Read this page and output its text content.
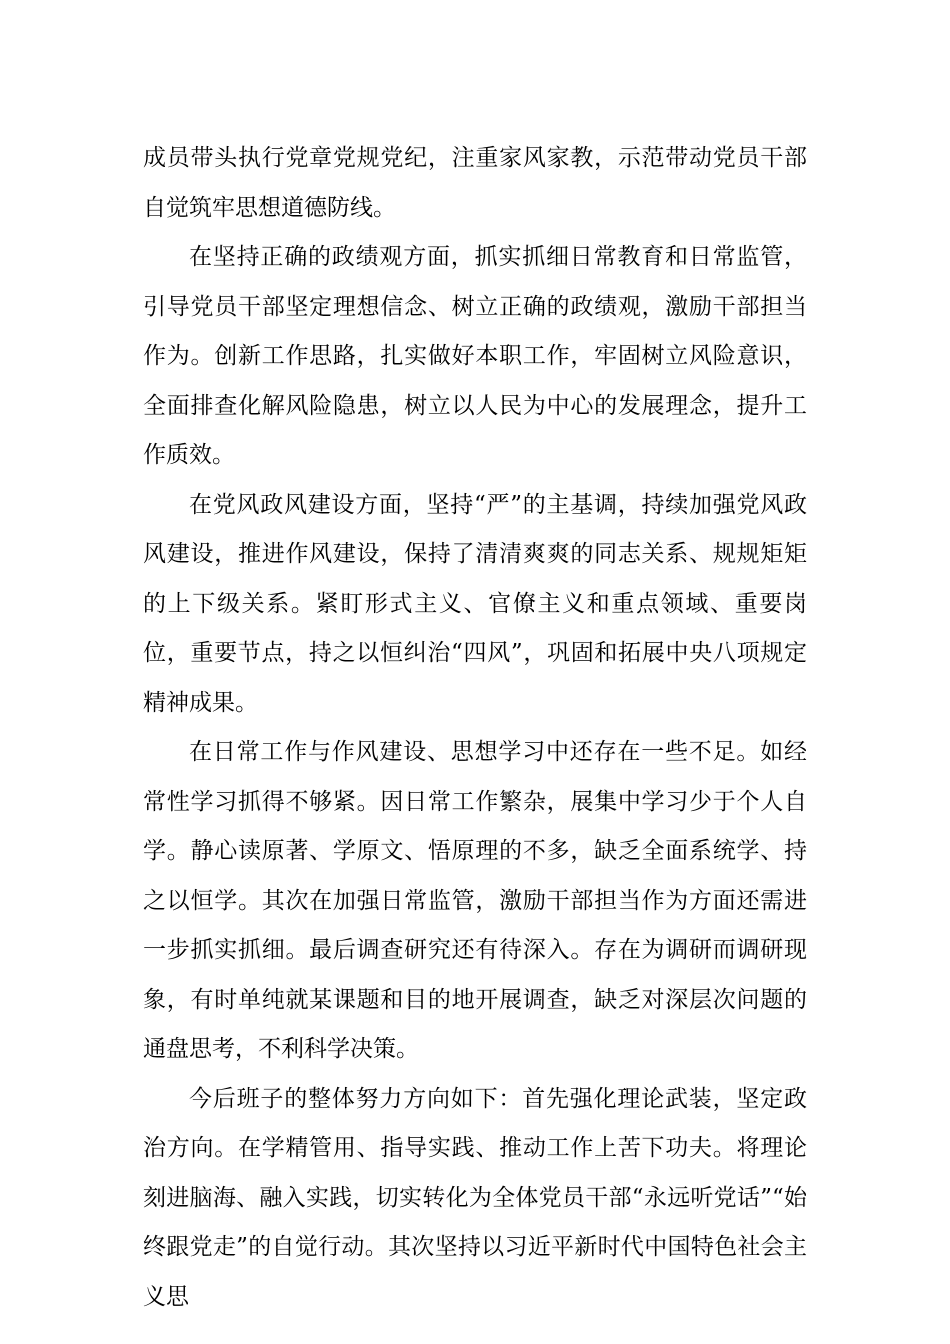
成员带头执行党章党规党纪，注重家风家教，示范带动党员干部自觉筑牢思想道德防线。

在坚持正确的政绩观方面，抓实抓细日常教育和日常监管，引导党员干部坚定理想信念、树立正确的政绩观，激励干部担当作为。创新工作思路，扎实做好本职工作，牢固树立风险意识，全面排查化解风险隐患，树立以人民为中心的发展理念，提升工作质效。

在党风政风建设方面，坚持“严”的主基调，持续加强党风政风建设，推进作风建设，保持了清清爽爽的同志关系、规规矩矩的上下级关系。紧盯形式主义、官僚主义和重点领域、重要岗位，重要节点，持之以恒纠治“四风”，巩固和拓展中央八项规定精神成果。

在日常工作与作风建设、思想学习中还存在一些不足。如经常性学习抓得不够紧。因日常工作繁杂，展集中学习少于个人自学。静心读原著、学原文、悟原理的不多，缺乏全面系统学、持之以恒学。其次在加强日常监管，激励干部担当作为方面还需进一步抓实抓细。最后调查研究还有待深入。存在为调研而调研现象，有时单纯就某课题和目的地开展调查，缺乏对深层次问题的通盘思考，不利科学决策。

今后班子的整体努力方向如下：首先强化理论武装，坚定政治方向。在学精管用、指导实践、推动工作上苦下功夫。将理论刻进脑海、融入实践，切实转化为全体党员干部“永远听党话”“始终跟党走”的自觉行动。其次坚持以习近平新时代中国特色社会主义思
